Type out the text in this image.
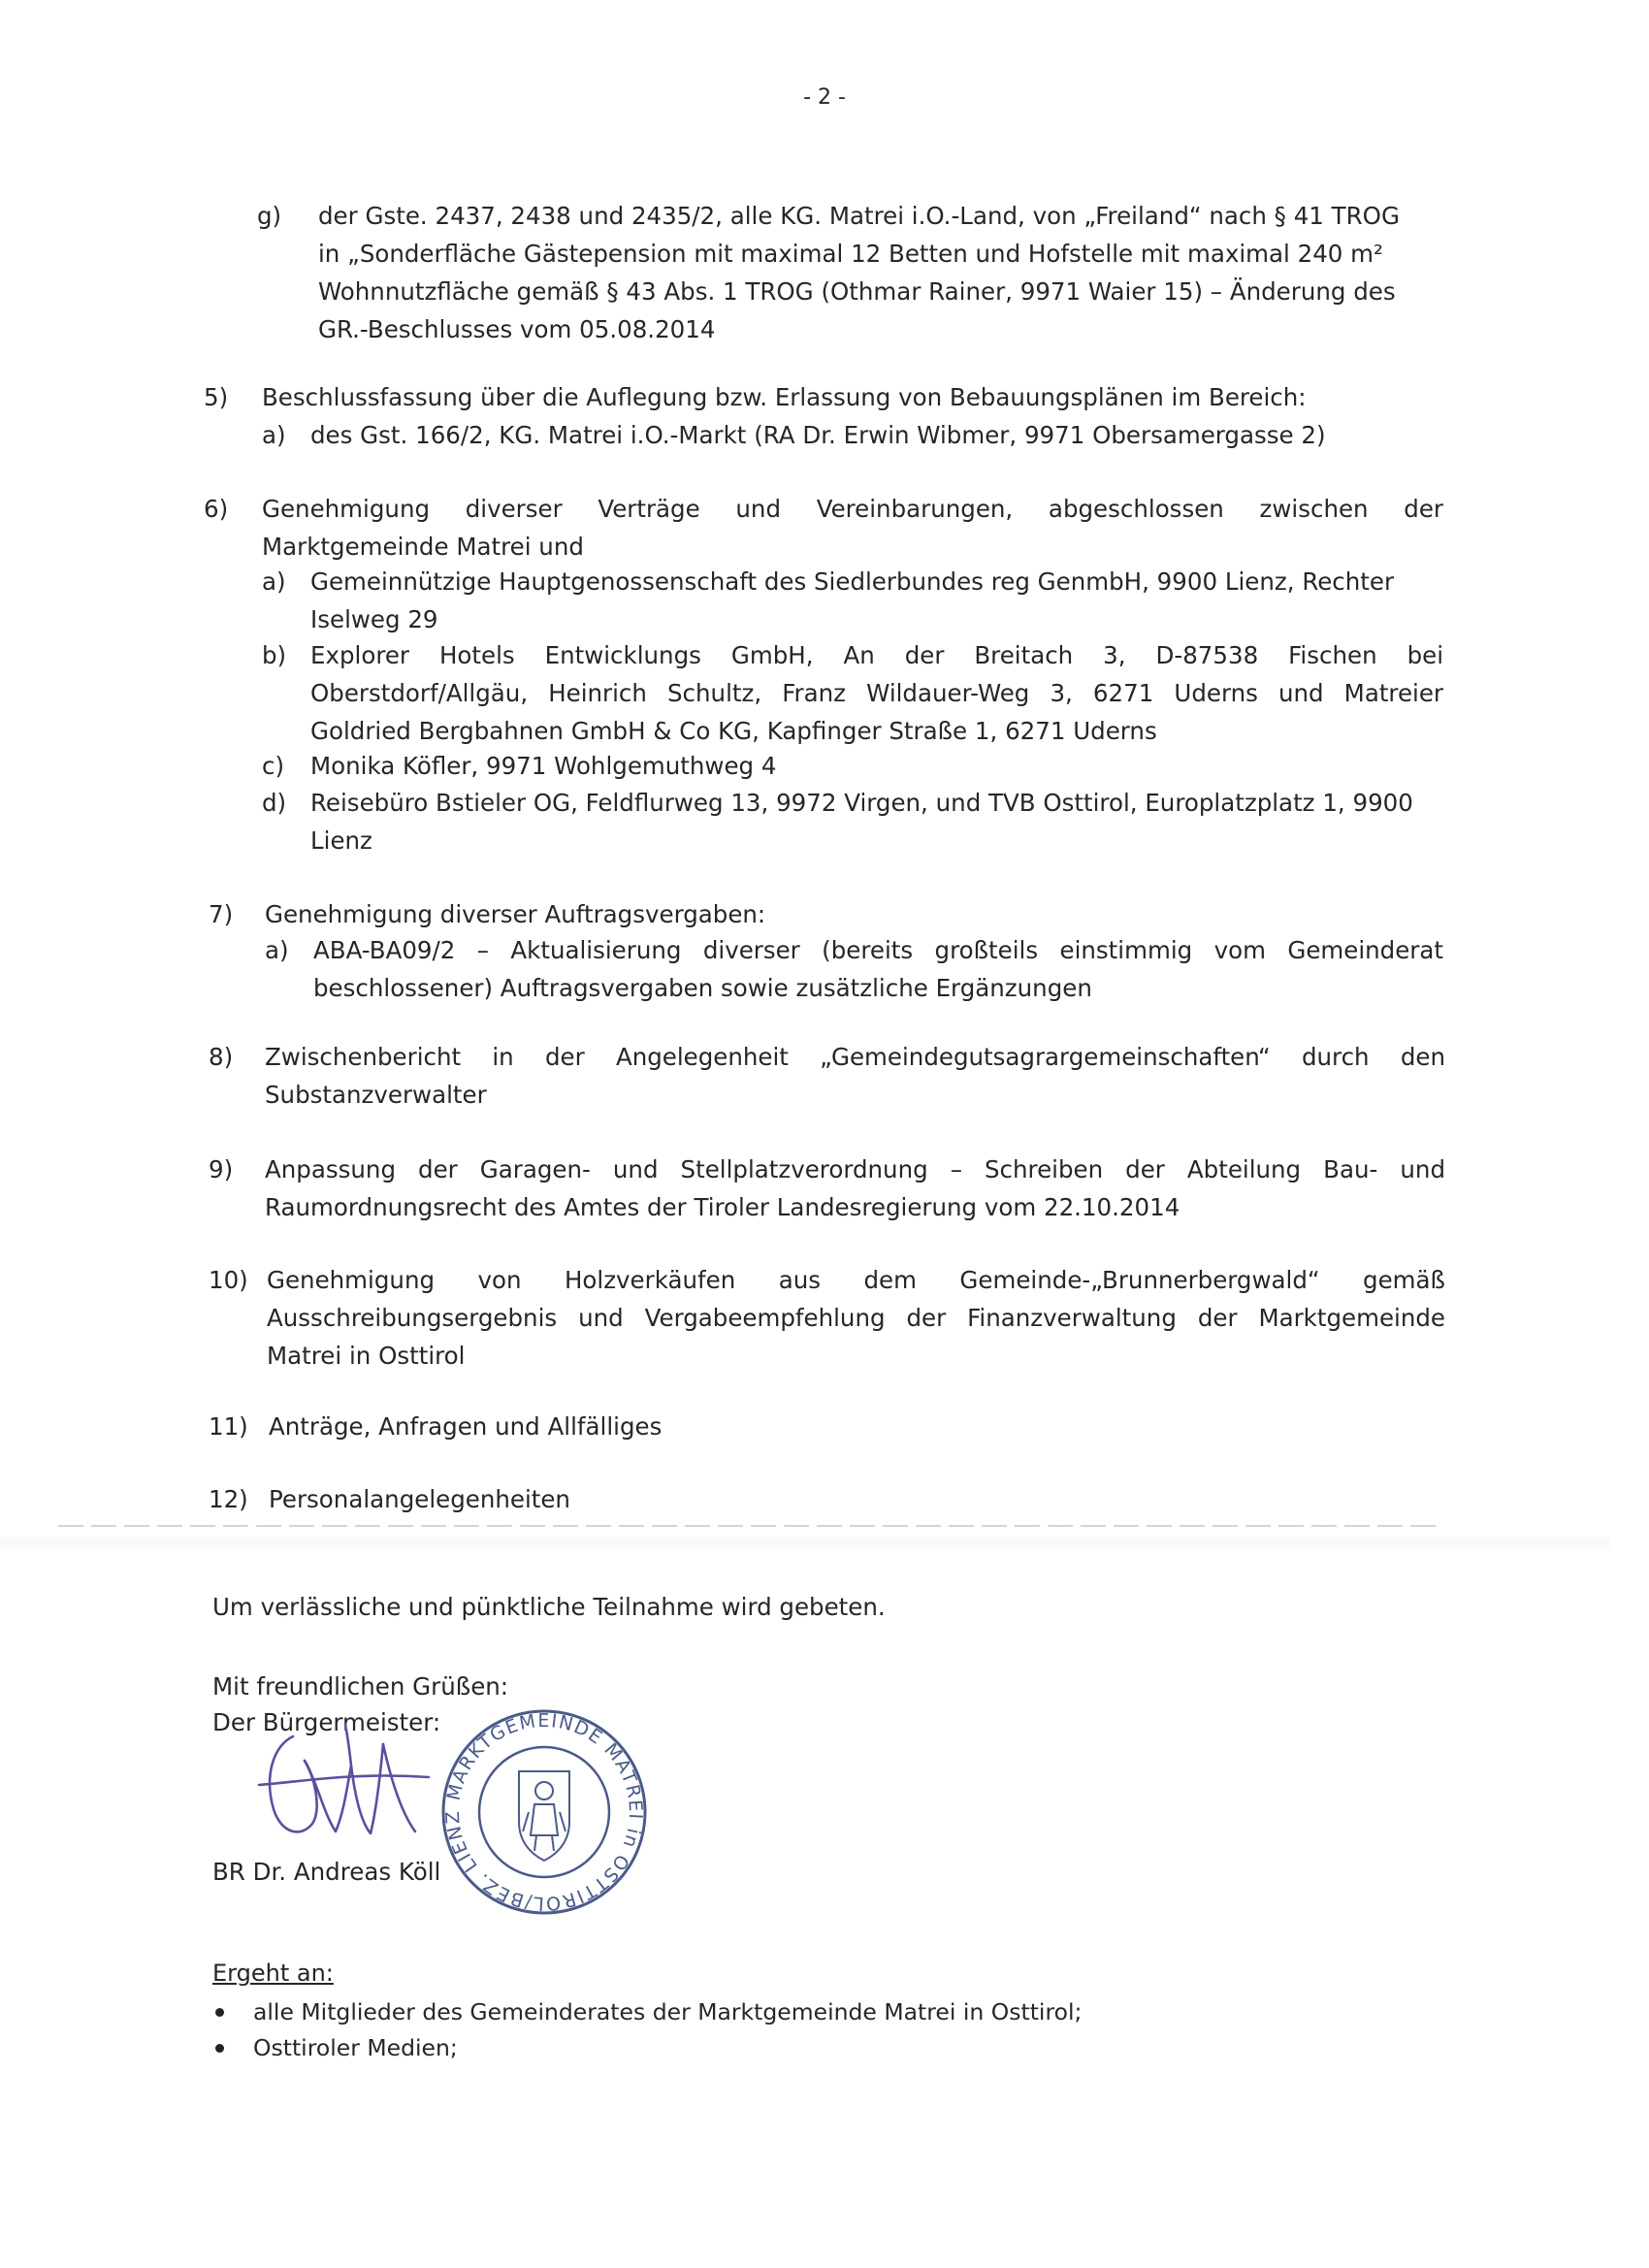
- 2 -
g) der Gste. 2437, 2438 und 2435/2, alle KG. Matrei i.O.-Land, von „Freiland“ nach § 41 TROG
in „Sonderfläche Gästepension mit maximal 12 Betten und Hofstelle mit maximal 240 m²
Wohnnutzfläche gemäß § 43 Abs. 1 TROG (Othmar Rainer, 9971 Waier 15) – Änderung des
GR.-Beschlusses vom 05.08.2014
5) Beschlussfassung über die Auflegung bzw. Erlassung von Bebauungsplänen im Bereich:
a) des Gst. 166/2, KG. Matrei i.O.-Markt (RA Dr. Erwin Wibmer, 9971 Obersamergasse 2)
6) Genehmigung diverser Verträge und Vereinbarungen, abgeschlossen zwischen der
Marktgemeinde Matrei und
a) Gemeinnützige Hauptgenossenschaft des Siedlerbundes reg GenmbH, 9900 Lienz, Rechter
Iselweg 29
b) Explorer Hotels Entwicklungs GmbH, An der Breitach 3, D-87538 Fischen bei
Oberstdorf/Allgäu, Heinrich Schultz, Franz Wildauer-Weg 3, 6271 Uderns und Matreier
Goldried Bergbahnen GmbH & Co KG, Kapfinger Straße 1, 6271 Uderns
c) Monika Köfler, 9971 Wohlgemuthweg 4
d) Reisebüro Bstieler OG, Feldflurweg 13, 9972 Virgen, und TVB Osttirol, Europlatzplatz 1, 9900
Lienz
7) Genehmigung diverser Auftragsvergaben:
a) ABA-BA09/2 – Aktualisierung diverser (bereits großteils einstimmig vom Gemeinderat
beschlossener) Auftragsvergaben sowie zusätzliche Ergänzungen
8) Zwischenbericht in der Angelegenheit „Gemeindegutsagrargemeinschaften“ durch den
Substanzverwalter
9) Anpassung der Garagen- und Stellplatzverordnung – Schreiben der Abteilung Bau- und
Raumordnungsrecht des Amtes der Tiroler Landesregierung vom 22.10.2014
10) Genehmigung von Holzverkäufen aus dem Gemeinde-„Brunnerbergwald“ gemäß
Ausschreibungsergebnis und Vergabeempfehlung der Finanzverwaltung der Marktgemeinde
Matrei in Osttirol
11) Anträge, Anfragen und Allfälliges
12) Personalangelegenheiten
Um verlässliche und pünktliche Teilnahme wird gebeten.
Mit freundlichen Grüßen:
Der Bürgermeister:
BR Dr. Andreas Köll
MARKTGEMEINDE MATREI in OSTTIROL/BEZ. LIENZ
Ergeht an:
alle Mitglieder des Gemeinderates der Marktgemeinde Matrei in Osttirol;
Osttiroler Medien;
